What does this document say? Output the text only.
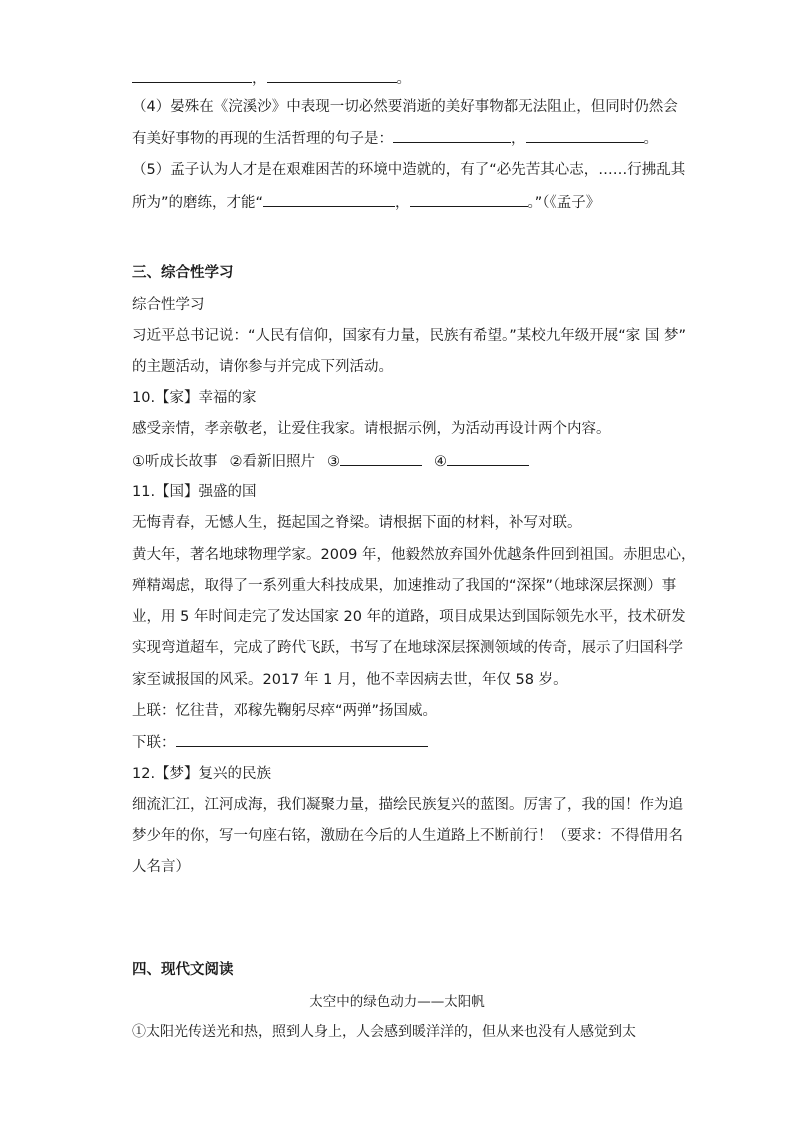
，	。
（4）晏殊在《浣溪沙》中表现一切必然要消逝的美好事物都无法阻止，但同时仍然会
有美好事物的再现的生活哲理的句子是：	，	。
（5）孟子认为人才是在艰难困苦的环境中造就的，有了“必先苦其心志，……行拂乱其
所为”的磨练，才能“	，	。”（《孟子》
三、综合性学习
综合性学习
习近平总书记说：“人民有信仰，国家有力量，民族有希望。”某校九年级开展“家 国 梦”
的主题活动，请你参与并完成下列活动。
10.【家】幸福的家
感受亲情，孝亲敬老，让爱住我家。请根据示例，为活动再设计两个内容。
①听成长故事 ②看新旧照片 ③	④
11.【国】强盛的国
无悔青春，无憾人生，挺起国之脊梁。请根据下面的材料，补写对联。
黄大年，著名地球物理学家。2009 年，他毅然放弃国外优越条件回到祖国。赤胆忠心，
殚精竭虑，取得了一系列重大科技成果，加速推动了我国的“深探”（地球深层探测）事
业，用 5 年时间走完了发达国家 20 年的道路，项目成果达到国际领先水平，技术研发
实现弯道超车，完成了跨代飞跃，书写了在地球深层探测领域的传奇，展示了归国科学
家至诚报国的风采。2017 年 1 月，他不幸因病去世，年仅 58 岁。
上联：忆往昔，邓稼先鞠躬尽瘁“两弹”扬国威。
下联：
12.【梦】复兴的民族
细流汇江，江河成海，我们凝聚力量，描绘民族复兴的蓝图。厉害了，我的国！作为追
梦少年的你，写一句座右铭，激励在今后的人生道路上不断前行！（要求：不得借用名
人名言）
四、现代文阅读
太空中的绿色动力——太阳帆
①太阳光传送光和热，照到人身上，人会感到暖洋洋的，但从来也没有人感觉到太
